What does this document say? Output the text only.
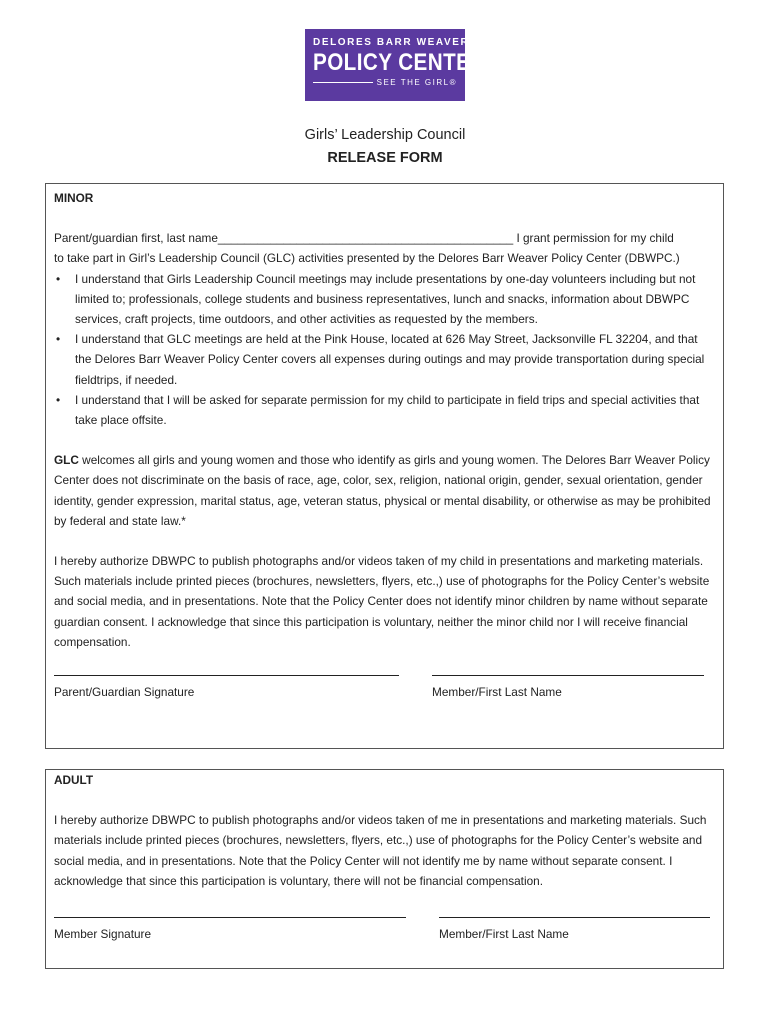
DELORES BARR WEAVER
POLICY CENTER
SEE THE GIRL®
Girls’ Leadership Council
RELEASE FORM
MINOR
Parent/guardian first, last name_____________________________________________ I grant permission for my child
to take part in Girl’s Leadership Council (GLC) activities presented by the Delores Barr Weaver Policy Center (DBWPC.)
•	I understand that Girls Leadership Council meetings may include presentations by one-day volunteers including but not limited to; professionals, college students and business representatives, lunch and snacks, information about DBWPC services, craft projects, time outdoors, and other activities as requested by the members.
•	I understand that GLC meetings are held at the Pink House, located at 626 May Street, Jacksonville FL 32204, and that the Delores Barr Weaver Policy Center covers all expenses during outings and may provide transportation during special fieldtrips, if needed.
•	I understand that I will be asked for separate permission for my child to participate in field trips and special activities that take place offsite.

GLC welcomes all girls and young women and those who identify as girls and young women. The Delores Barr Weaver Policy Center does not discriminate on the basis of race, age, color, sex, religion, national origin, gender, sexual orientation, gender identity, gender expression, marital status, age, veteran status, physical or mental disability, or otherwise as may be prohibited by federal and state law.*

I hereby authorize DBWPC to publish photographs and/or videos taken of my child in presentations and marketing materials. Such materials include printed pieces (brochures, newsletters, flyers, etc.,) use of photographs for the Policy Center’s website and social media, and in presentations. Note that the Policy Center does not identify minor children by name without separate guardian consent. I acknowledge that since this participation is voluntary, neither the minor child nor I will receive financial compensation.

Parent/Guardian Signature	Member/First Last Name
ADULT

I hereby authorize DBWPC to publish photographs and/or videos taken of me in presentations and marketing materials. Such materials include printed pieces (brochures, newsletters, flyers, etc.,) use of photographs for the Policy Center’s website and social media, and in presentations. Note that the Policy Center will not identify me by name without separate consent. I acknowledge that since this participation is voluntary, there will not be financial compensation.

Member Signature	Member/First Last Name
